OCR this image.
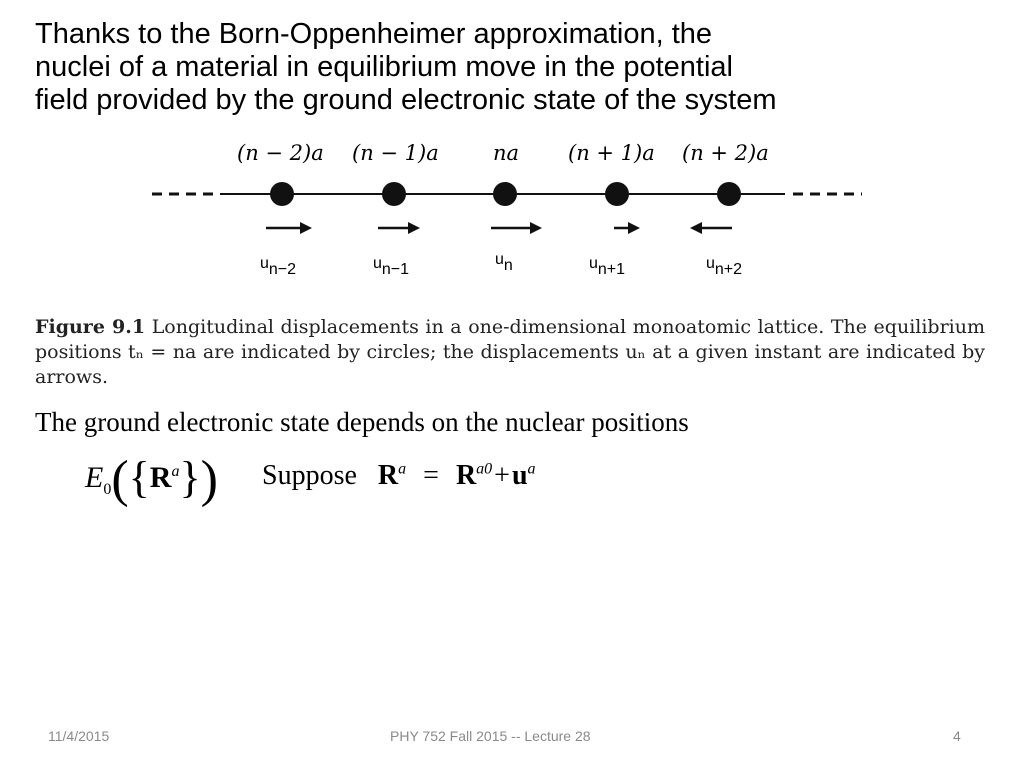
Thanks to the Born-Oppenheimer approximation, the
nuclei of a material in equilibrium move in the potential
field provided by the ground electronic state of the system
(n − 2)a (n − 1)a	na (n + 1)a (n + 2)a
un−2	un−1
un	un+1	un+2
Figure 9.1 Longitudinal displacements in a one-dimensional monoatomic lattice. The equilibrium positions tₙ = na are indicated by circles; the displacements uₙ at a given instant are indicated by arrows.
The ground electronic state depends on the nuclear positions
$E_0(\{R^a\})$ Suppose $R^a = R^{a0}+u^a$
11/4/2015	PHY 752 Fall 2015 -- Lecture 28	4
